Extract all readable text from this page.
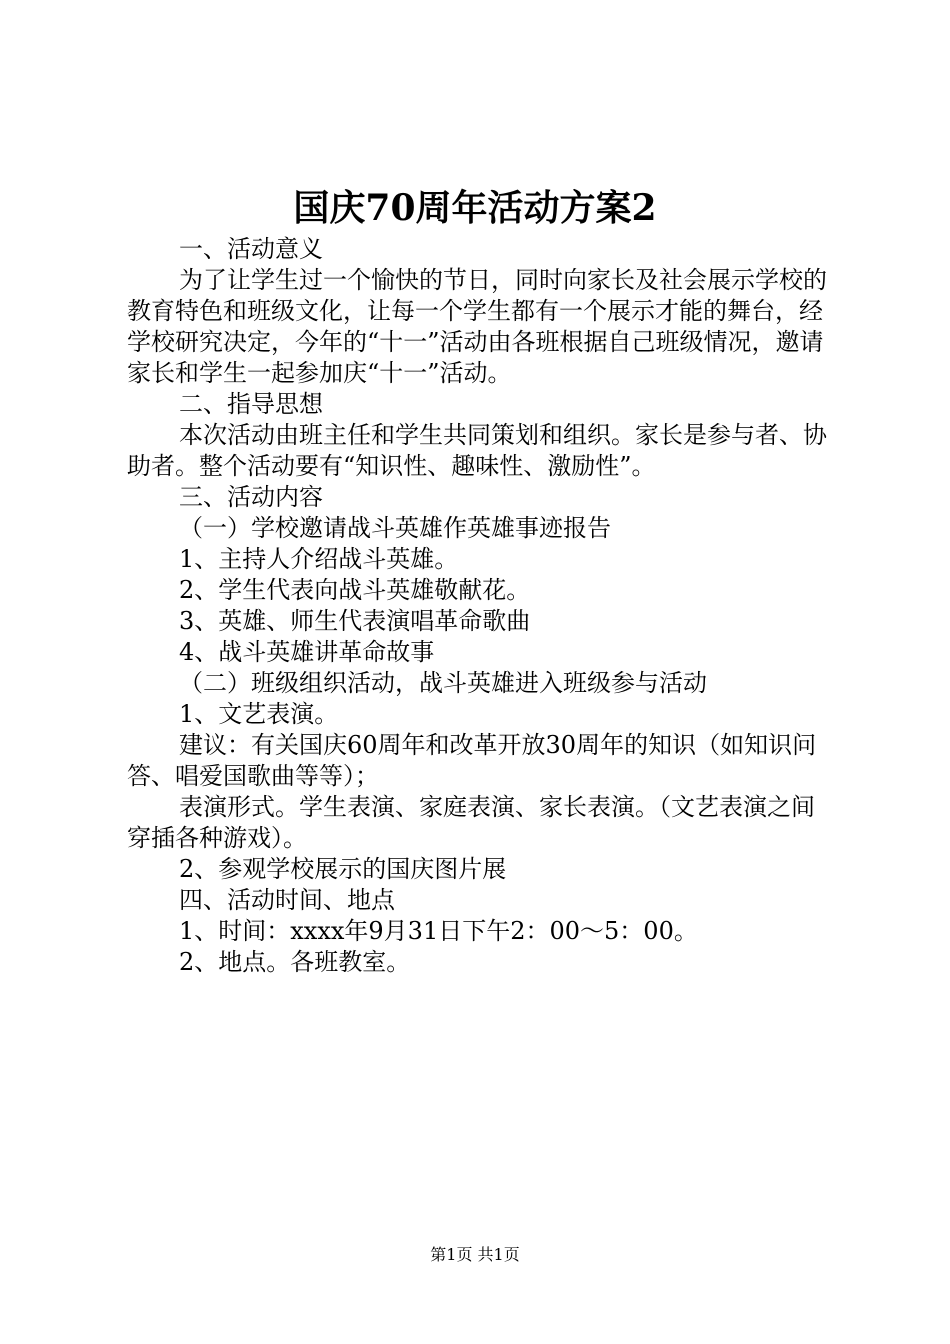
国庆70周年活动方案2

一、活动意义

为了让学生过一个愉快的节日，同时向家长及社会展示学校的教育特色和班级文化，让每一个学生都有一个展示才能的舞台，经学校研究决定，今年的“十一”活动由各班根据自己班级情况，邀请家长和学生一起参加庆“十一”活动。

二、指导思想

本次活动由班主任和学生共同策划和组织。家长是参与者、协助者。整个活动要有“知识性、趣味性、激励性”。

三、活动内容

（一）学校邀请战斗英雄作英雄事迹报告

1、主持人介绍战斗英雄。

2、学生代表向战斗英雄敬献花。

3、英雄、师生代表演唱革命歌曲

4、战斗英雄讲革命故事

（二）班级组织活动，战斗英雄进入班级参与活动

1、文艺表演。

建议：有关国庆60周年和改革开放30周年的知识（如知识问答、唱爱国歌曲等等）；

表演形式。学生表演、家庭表演、家长表演。（文艺表演之间穿插各种游戏）。

2、参观学校展示的国庆图片展

四、活动时间、地点

1、时间：xxxx年9月31日下午2：00～5：00。

2、地点。各班教室。

第1页 共1页
